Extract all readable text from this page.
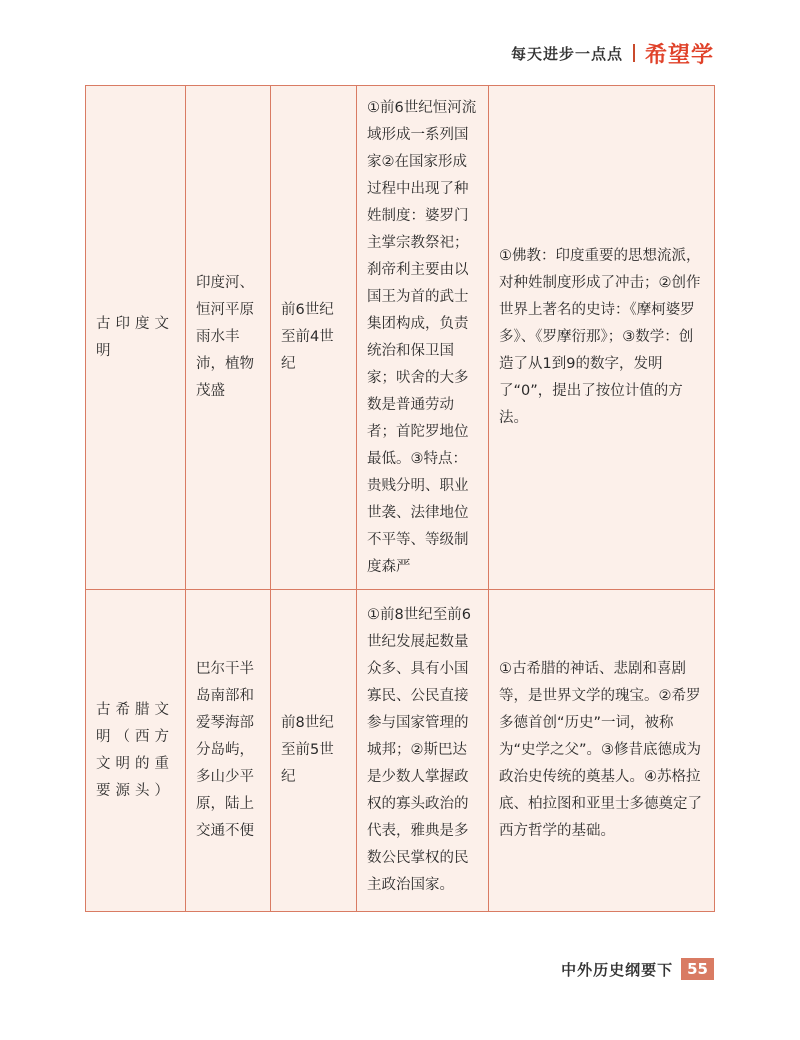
每天进步一点点 希望学
古印度文明	印度河、恒河平原雨水丰沛，植物茂盛	前6世纪至前4世纪	①前6世纪恒河流域形成一系列国家②在国家形成过程中出现了种姓制度：婆罗门主掌宗教祭祀；刹帝利主要由以国王为首的武士集团构成，负责统治和保卫国家；吠舍的大多数是普通劳动者；首陀罗地位最低。③特点：贵贱分明、职业世袭、法律地位不平等、等级制度森严	①佛教：印度重要的思想流派，对种姓制度形成了冲击；②创作世界上著名的史诗：《摩柯婆罗多》、《罗摩衍那》；③数学：创造了从1到9的数字，发明了“0”，提出了按位计值的方法。
古希腊文明（西方文明的重要源头）	巴尔干半岛南部和爱琴海部分岛屿，多山少平原，陆上交通不便	前8世纪至前5世纪	①前8世纪至前6世纪发展起数量众多、具有小国寡民、公民直接参与国家管理的城邦；②斯巴达是少数人掌握政权的寡头政治的代表，雅典是多数公民掌权的民主政治国家。	①古希腊的神话、悲剧和喜剧等，是世界文学的瑰宝。②希罗多德首创“历史”一词，被称为“史学之父”。③修昔底德成为政治史传统的奠基人。④苏格拉底、柏拉图和亚里士多德奠定了西方哲学的基础。
中外历史纲要下 55
